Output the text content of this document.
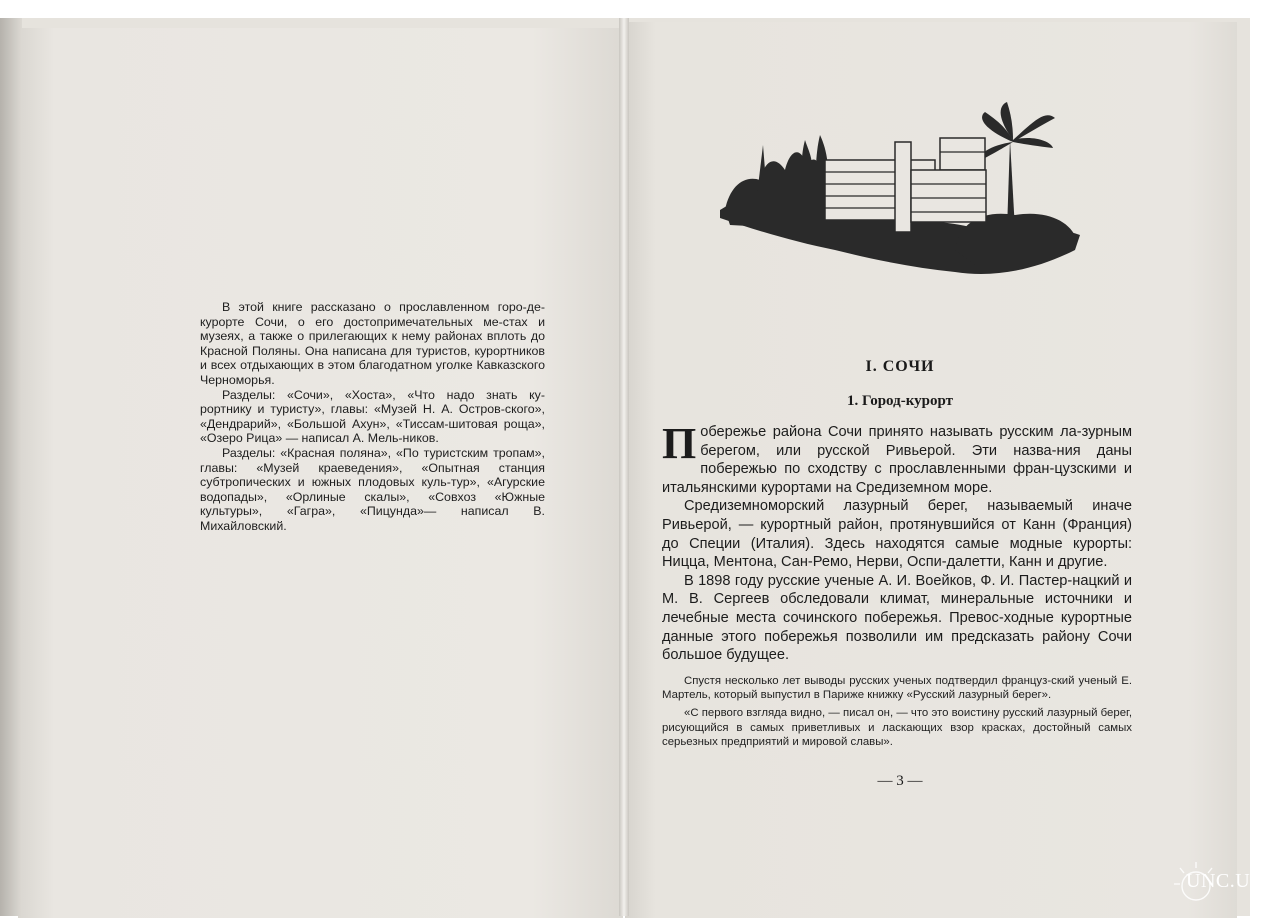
В этой книге рассказано о прославленном горо-де-курорте Сочи, о его достопримечательных ме-стах и музеях, а также о прилегающих к нему районах вплоть до Красной Поляны. Она написана для туристов, курортников и всех отдыхающих в этом благодатном уголке Кавказского Черноморья.

Разделы: «Сочи», «Хоста», «Что надо знать ку-рортнику и туристу», главы: «Музей Н. А. Остров-ского», «Дендрарий», «Большой Ахун», «Тиссам-шитовая роща», «Озеро Рица» — написал А. Мель-ников.

Разделы: «Красная поляна», «По туристским тропам», главы: «Музей краеведения», «Опытная станция субтропических и южных плодовых куль-тур», «Агурские водопады», «Орлиные скалы», «Совхоз «Южные культуры», «Гагра», «Пицунда»— написал В. Михайловский.

I. СОЧИ
1. Город-курорт

Побережье района Сочи принято называть русским ла-зурным берегом, или русской Ривьерой. Эти назва-ния даны побережью по сходству с прославленными фран-цузскими и итальянскими курортами на Средиземном море.

Средиземноморский лазурный берег, называемый иначе Ривьерой, — курортный район, протянувшийся от Канн (Франция) до Специи (Италия). Здесь находятся самые модные курорты: Ницца, Ментона, Сан-Ремо, Нерви, Оспи-далетти, Канн и другие.

В 1898 году русские ученые А. И. Воейков, Ф. И. Пастер-нацкий и М. В. Сергеев обследовали климат, минеральные источники и лечебные места сочинского побережья. Превос-ходные курортные данные этого побережья позволили им предсказать району Сочи большое будущее.

Спустя несколько лет выводы русских ученых подтвердил француз-ский ученый Е. Мартель, который выпустил в Париже книжку «Русский лазурный берег».

«С первого взгляда видно, — писал он, — что это воистину русский лазурный берег, рисующийся в самых приветливых и ласкающих взор красках, достойный самых серьезных предприятий и мировой славы».

— 3 —
UNC.UA
